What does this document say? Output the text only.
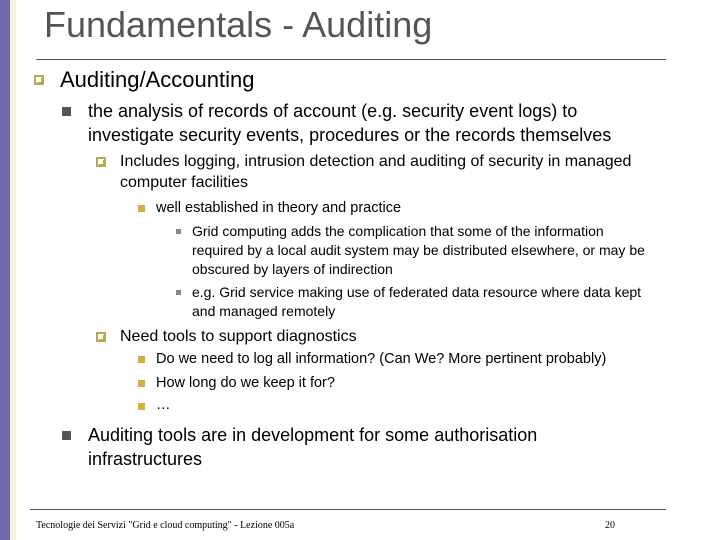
Fundamentals - Auditing
Auditing/Accounting
the analysis of records of account (e.g. security event logs) to
investigate security events, procedures or the records themselves
Includes logging, intrusion detection and auditing of security in managed
computer facilities
well established in theory and practice
Grid computing adds the complication that some of the information
required by a local audit system may be distributed elsewhere, or may be
obscured by layers of indirection
e.g. Grid service making use of federated data resource where data kept
and managed remotely
Need tools to support diagnostics
Do we need to log all information? (Can We? More pertinent probably)
How long do we keep it for?
…
Auditing tools are in development for some authorisation
infrastructures
Tecnologie dei Servizi "Grid e cloud computing" - Lezione 005a	20
